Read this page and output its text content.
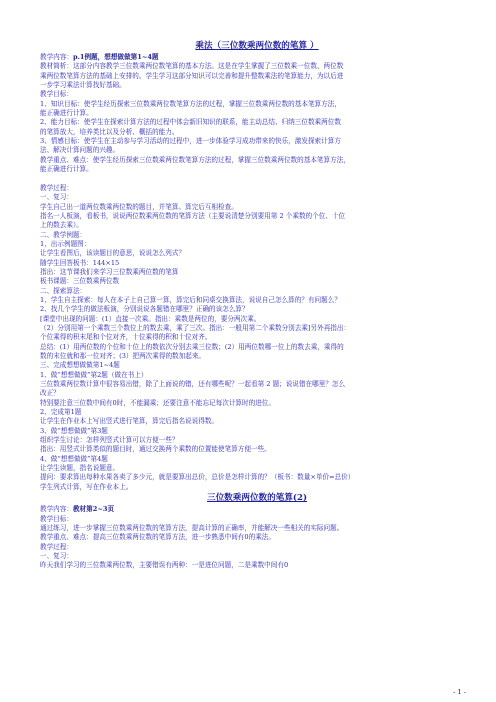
乘法（三位数乘两位数的笔算 ）
教学内容：p.1例题，想想做做第1~4题
教材简析：这部分内容教学三位数乘两位数笔算的基本方法。这是在学生掌握了三位数乘一位数、两位数
乘两位数笔算方法的基础上安排的。学生学习这部分知识可以完善和提升整数乘法的笔算能力，为以后进
一步学习乘法计算找好基础。
教学目标：
1、知识目标：使学生经历探索三位数乘两位数笔算方法的过程，掌握三位数乘两位数的基本笔算方法，
能正确进行计算。
2、能力目标：使学生在探索计算方法的过程中体会新旧知识的联系，能主动总结、归纳三位数乘两位数
的笔算放大，培养类比以及分析、概括的能力。
3、情感目标：使学生在主动参与学习活动的过程中，进一步体验学习成功带来的快乐，激发探索计算方
法、解决计算问题的兴趣。
教学重点、难点：使学生经历探索三位数乘两位数笔算方法的过程，掌握三位数乘两位数的基本笔算方法，
能正确进行计算。
教学过程：
一、复习：
学生自己出一道两位数乘两位数的题目，并笔算。算完后互相检查。
指名一人板演，看板书，说说两位数乘两位数的笔算方法（主要说清楚分别要用第 2 个乘数的个位、十位
上的数去乘）。
二、教学例题：
1、出示例题图：
让学生看图后，该读题目的意思，说说怎么列式？
随学生回答板书：144×15
指出：这节课我们来学习三位数乘两位数的笔算
板书课题：三位数乘两位数
二、探索算法：
1、学生自主探索：每人在本子上自己算一算，算完后和同桌交换算法，说说自己怎么算的？有问题么？
2、找几个学生的做法板演，分别说说各题错在哪里？正确的该怎么算？
[课堂中出现的问题：(1）直接一次乘。指出：乘数是两位的，要分两次乘。
（2）分别用第一个乘数三个数位上的数去乘，乘了三次。指出：一般用第二个乘数分别去乘]另外再指出：
个位乘得的积末尾和个位对齐，十位乘得的积和十位对齐。
总结：(1）用两位数的个位和十位上的数依次分别去乘三位数；(2）用两位数哪一位上的数去乘，乘得的
数的末位就和那一位对齐；(3）把两次乘得的数加起来。
三、完成想想做做第1~4题
1、做“想想做做”第2题（做在书上）
三位数乘两位数计算中很容易出错，除了上面说的错，还有哪些呢？一起看第 2 题；说说错在哪里？怎么
改正？
特别要注意三位数中间有0时，不能漏乘；还要注意不能忘记每次计算时的进位。
2、完成第1题
让学生在作业本上写出竖式进行笔算，算完后指名说说得数。
3、做“想想做做”第3题
组织学生讨论：怎样列竖式计算可以方便一些？
指出：用竖式计算类似的题目时，通过交换两个乘数的位置能使笔算方便一些。
4、做“想想做做”第4题
让学生读题，指名说题意。
提问：要求算出每种水果各卖了多少元，就是要算出总价，总价是怎样计算的？（板书：数量×单价=总价）
学生列式计算，写在作业本上。
三位数乘两位数的笔算(2)
教学内容：教材第2~3页
教学目标：
通过练习，进一步掌握三位数乘两位数的笔算方法，提高计算的正确率，并能解决一些相关的实际问题。
教学重点、难点：提高三位数乘两位数的笔算方法，进一步熟悉中间有0的乘法。
教学过程：
一、复习：
昨天我们学习的三位数乘两位数，主要错误有两种：一是进位问题，二是乘数中间有0
- 1 -
